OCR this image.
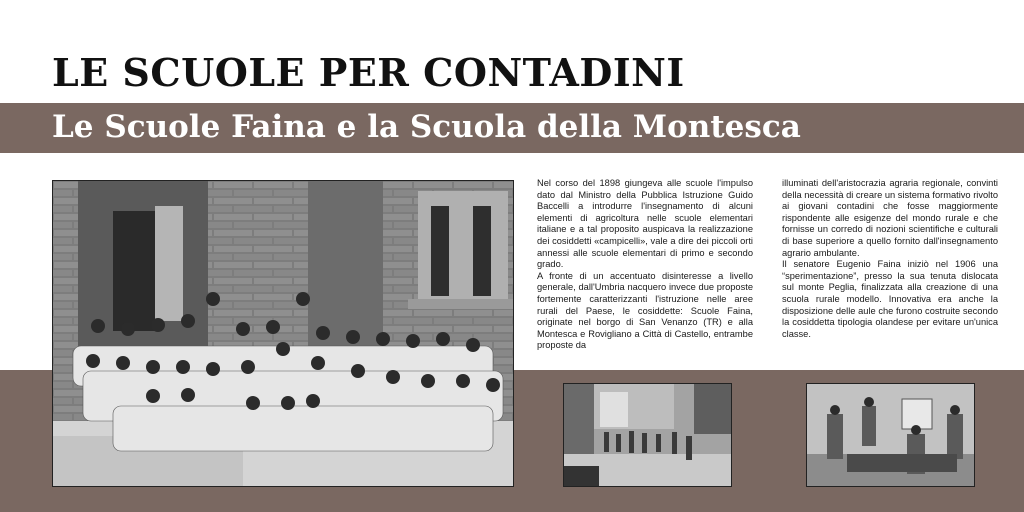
LE SCUOLE PER CONTADINI
Le Scuole Faina e la Scuola della Montesca

Nel corso del 1898 giungeva alle scuole l'impulso dato dal Ministro della Pubblica Istruzione Guido Baccelli a introdurre l'insegnamento di alcuni elementi di agricoltura nelle scuole elementari italiane e a tal proposito auspicava la realizzazione dei cosiddetti «campicelli», vale a dire dei piccoli orti annessi alle scuole elementari di primo e secondo grado.

A fronte di un accentuato disinteresse a livello generale, dall'Umbria nacquero invece due proposte fortemente caratterizzanti l'istruzione nelle aree rurali del Paese, le cosiddette: Scuole Faina, originate nel borgo di San Venanzo (TR) e alla Montesca e Rovigliano a Città di Castello, entrambe proposte da

illuminati dell'aristocrazia agraria regionale, convinti della necessità di creare un sistema formativo rivolto ai giovani contadini che fosse maggiormente rispondente alle esigenze del mondo rurale e che fornisse un corredo di nozioni scientifiche e culturali di base superiore a quello fornito dall'insegnamento agrario ambulante.

Il senatore Eugenio Faina iniziò nel 1906 una “sperimentazione”, presso la sua tenuta dislocata sul monte Peglia, finalizzata alla creazione di una scuola rurale modello. Innovativa era anche la disposizione delle aule che furono costruite secondo la cosiddetta tipologia olandese per evitare un'unica classe.
